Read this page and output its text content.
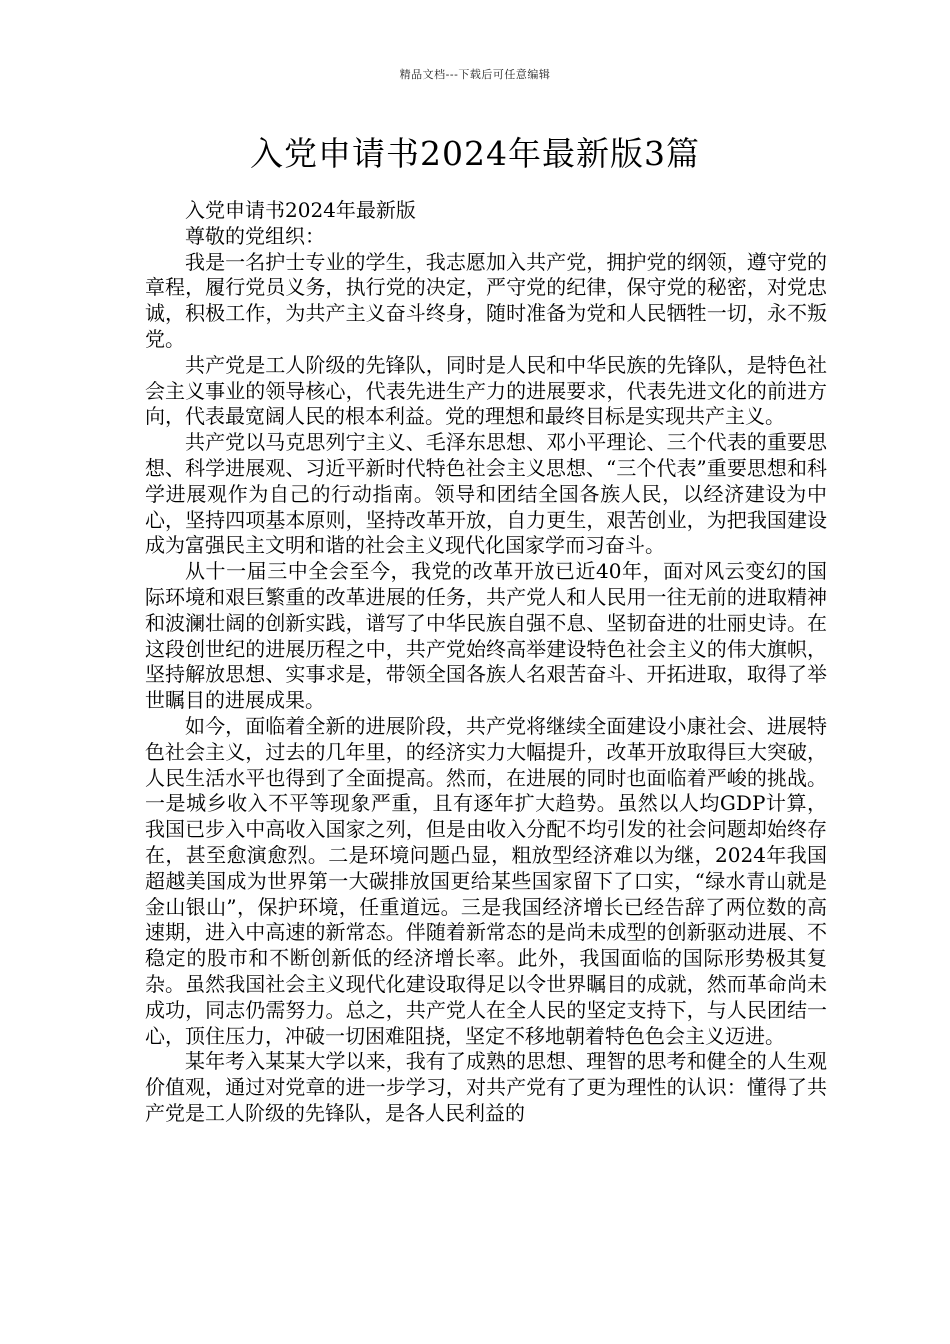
精品文档---下载后可任意编辑
入党申请书2024年最新版3篇

入党申请书2024年最新版

尊敬的党组织：

我是一名护士专业的学生，我志愿加入共产党，拥护党的纲领，遵守党的章程，履行党员义务，执行党的决定，严守党的纪律，保守党的秘密，对党忠诚，积极工作，为共产主义奋斗终身，随时准备为党和人民牺牲一切，永不叛党。

共产党是工人阶级的先锋队，同时是人民和中华民族的先锋队，是特色社会主义事业的领导核心，代表先进生产力的进展要求，代表先进文化的前进方向，代表最宽阔人民的根本利益。党的理想和最终目标是实现共产主义。

共产党以马克思列宁主义、毛泽东思想、邓小平理论、三个代表的重要思想、科学进展观、习近平新时代特色社会主义思想、“三个代表”重要思想和科学进展观作为自己的行动指南。领导和团结全国各族人民，以经济建设为中心，坚持四项基本原则，坚持改革开放，自力更生，艰苦创业，为把我国建设成为富强民主文明和谐的社会主义现代化国家学而习奋斗。

从十一届三中全会至今，我党的改革开放已近40年，面对风云变幻的国际环境和艰巨繁重的改革进展的任务，共产党人和人民用一往无前的进取精神和波澜壮阔的创新实践，谱写了中华民族自强不息、坚韧奋进的壮丽史诗。在这段创世纪的进展历程之中，共产党始终高举建设特色社会主义的伟大旗帜，坚持解放思想、实事求是，带领全国各族人名艰苦奋斗、开拓进取，取得了举世瞩目的进展成果。

如今，面临着全新的进展阶段，共产党将继续全面建设小康社会、进展特色社会主义，过去的几年里，的经济实力大幅提升，改革开放取得巨大突破，人民生活水平也得到了全面提高。然而，在进展的同时也面临着严峻的挑战。一是城乡收入不平等现象严重，且有逐年扩大趋势。虽然以人均GDP计算，我国已步入中高收入国家之列，但是由收入分配不均引发的社会问题却始终存在，甚至愈演愈烈。二是环境问题凸显，粗放型经济难以为继，2024年我国超越美国成为世界第一大碳排放国更给某些国家留下了口实，“绿水青山就是金山银山”，保护环境，任重道远。三是我国经济增长已经告辞了两位数的高速期，进入中高速的新常态。伴随着新常态的是尚未成型的创新驱动进展、不稳定的股市和不断创新低的经济增长率。此外，我国面临的国际形势极其复杂。虽然我国社会主义现代化建设取得足以令世界瞩目的成就，然而革命尚未成功，同志仍需努力。总之，共产党人在全人民的坚定支持下，与人民团结一心，顶住压力，冲破一切困难阻挠，坚定不移地朝着特色色会主义迈进。

某年考入某某大学以来，我有了成熟的思想、理智的思考和健全的人生观价值观，通过对党章的进一步学习，对共产党有了更为理性的认识：懂得了共产党是工人阶级的先锋队，是各人民利益的
